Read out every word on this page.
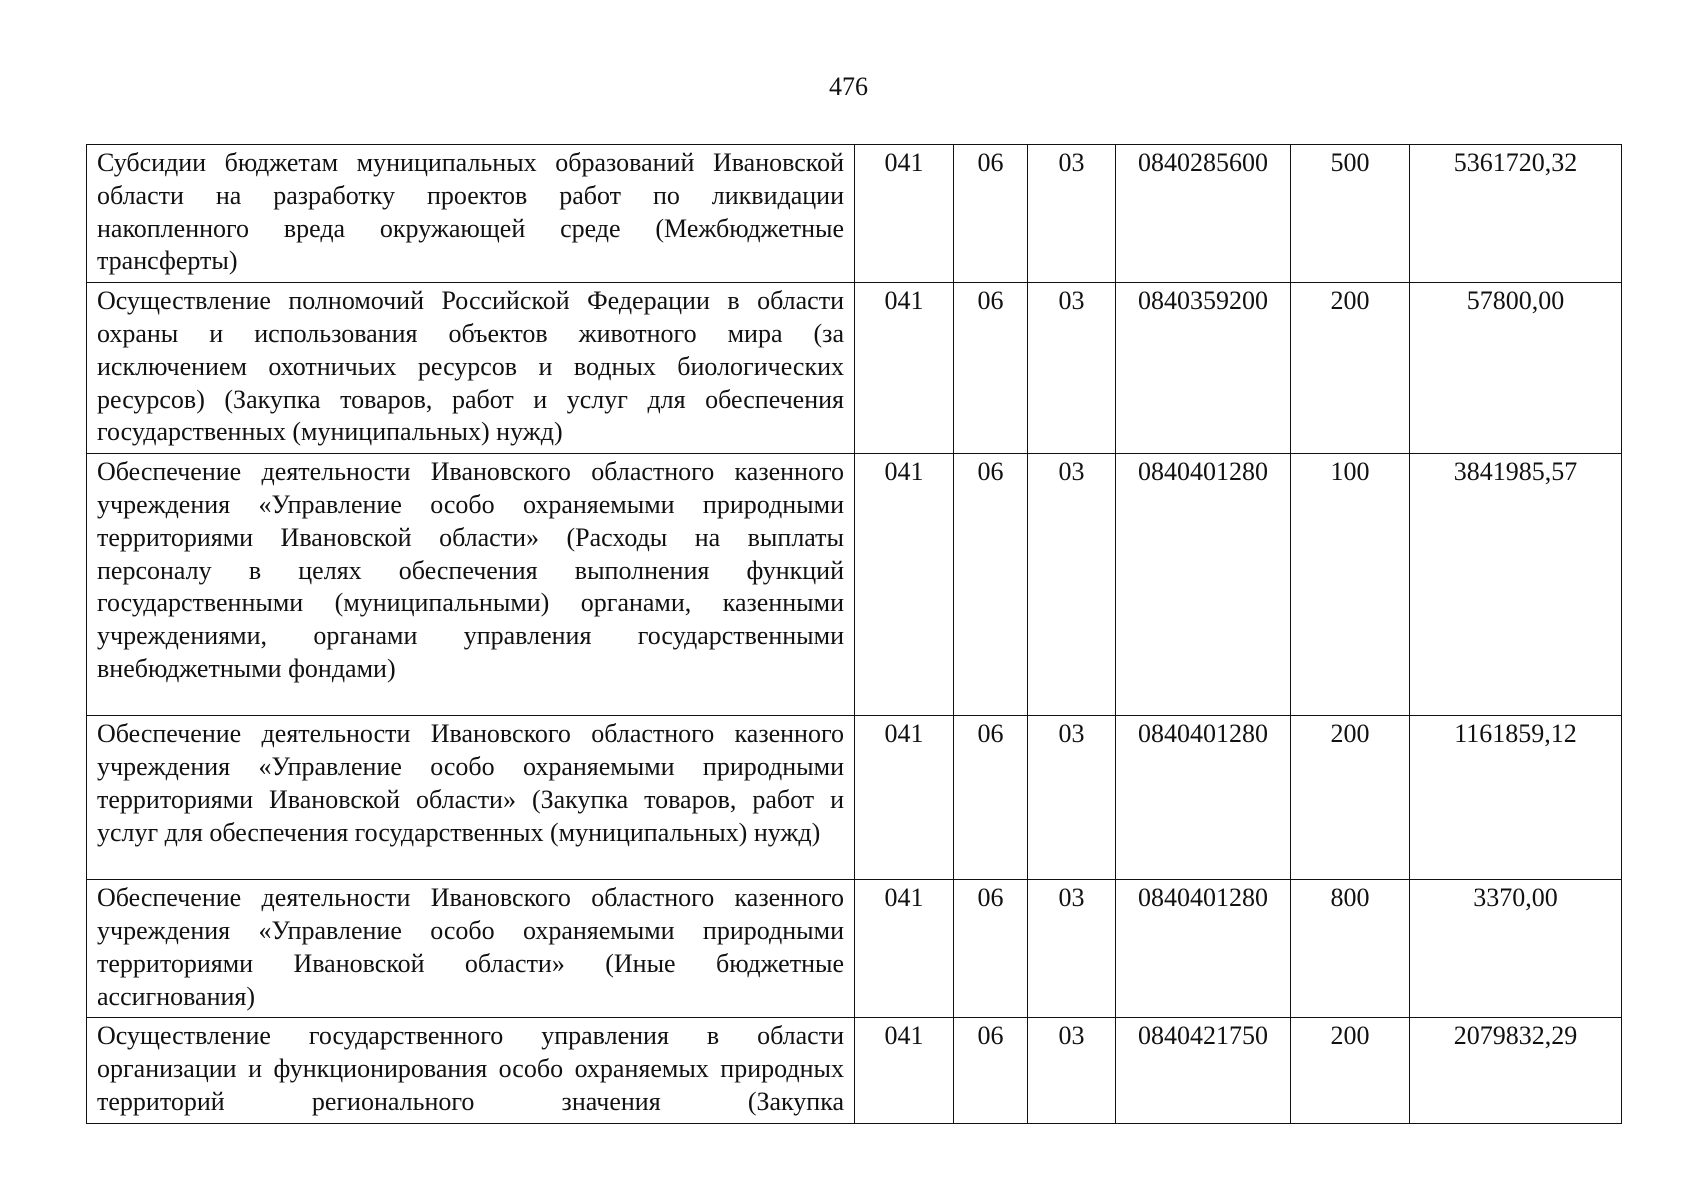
476
Субсидии бюджетам муниципальных образований Ивановской области на разработку проектов работ по ликвидации накопленного вреда окружающей среде (Межбюджетные трансферты)	041	06	03	0840285600	500	5361720,32
Осуществление полномочий Российской Федерации в области охраны и использования объектов животного мира (за исключением охотничьих ресурсов и водных биологических ресурсов) (Закупка товаров, работ и услуг для обеспечения государственных (муниципальных) нужд)	041	06	03	0840359200	200	57800,00
Обеспечение деятельности Ивановского областного казенного учреждения «Управление особо охраняемыми природными территориями Ивановской области» (Расходы на выплаты персоналу в целях обеспечения выполнения функций государственными (муниципальными) органами, казенными учреждениями, органами управления государственными внебюджетными фондами)	041	06	03	0840401280	100	3841985,57
Обеспечение деятельности Ивановского областного казенного учреждения «Управление особо охраняемыми природными территориями Ивановской области» (Закупка товаров, работ и услуг для обеспечения государственных (муниципальных) нужд)	041	06	03	0840401280	200	1161859,12
Обеспечение деятельности Ивановского областного казенного учреждения «Управление особо охраняемыми природными территориями Ивановской области» (Иные бюджетные ассигнования)	041	06	03	0840401280	800	3370,00
Осуществление государственного управления в области организации и функционирования особо охраняемых природных территорий регионального значения (Закупка	041	06	03	0840421750	200	2079832,29
